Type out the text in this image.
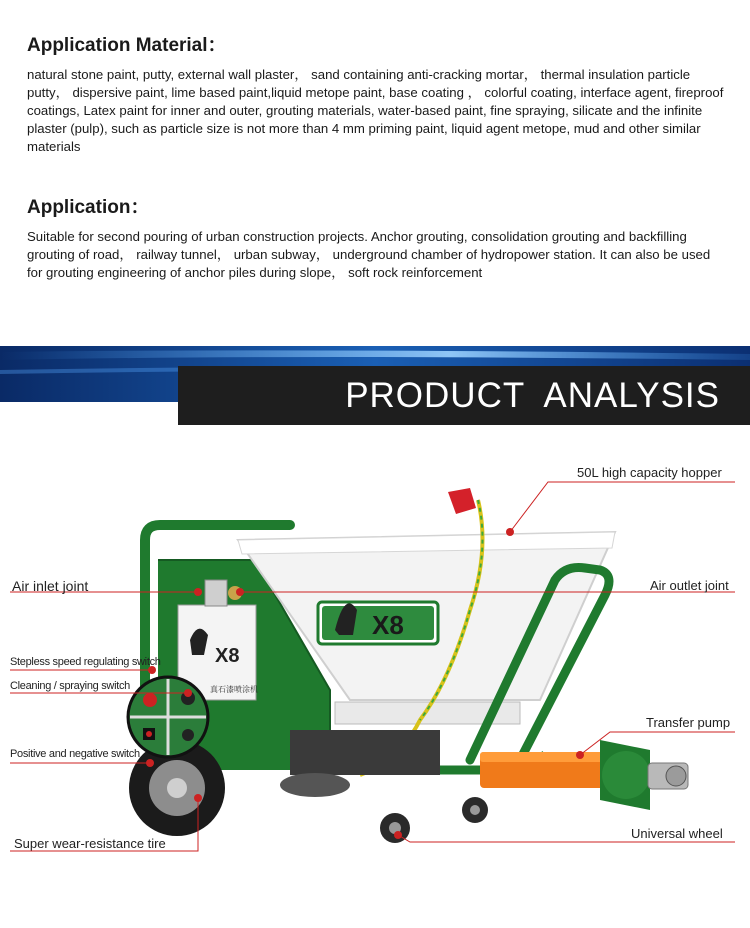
Application Material：
natural stone paint, putty, external wall plaster， sand containing anti-cracking mortar， thermal insulation particle putty， dispersive paint, lime based paint,liquid metope paint, base coating ， colorful coating, interface agent, fireproof coatings, Latex paint for inner and outer, grouting materials, water-based paint, fine spraying, silicate and the infinite plaster (pulp), such as particle size is not more than 4 mm priming paint, liquid agent metope, mud and other similar materials
Application：
Suitable for second pouring of urban construction projects. Anchor grouting, consolidation grouting and backfilling grouting of road， railway tunnel， urban subway， underground chamber of hydropower station. It can also be used for grouting engineering of anchor piles during slope， soft rock reinforcement
PRODUCT ANALYSIS
X8
真石漆喷涂机
X8
50L high capacity hopper
Air inlet joint	Air outlet joint
Stepless speed regulating switch
Cleaning / spraying switch
Transfer pump
Positive and negative switch
Universal wheel
Super wear-resistance tire
